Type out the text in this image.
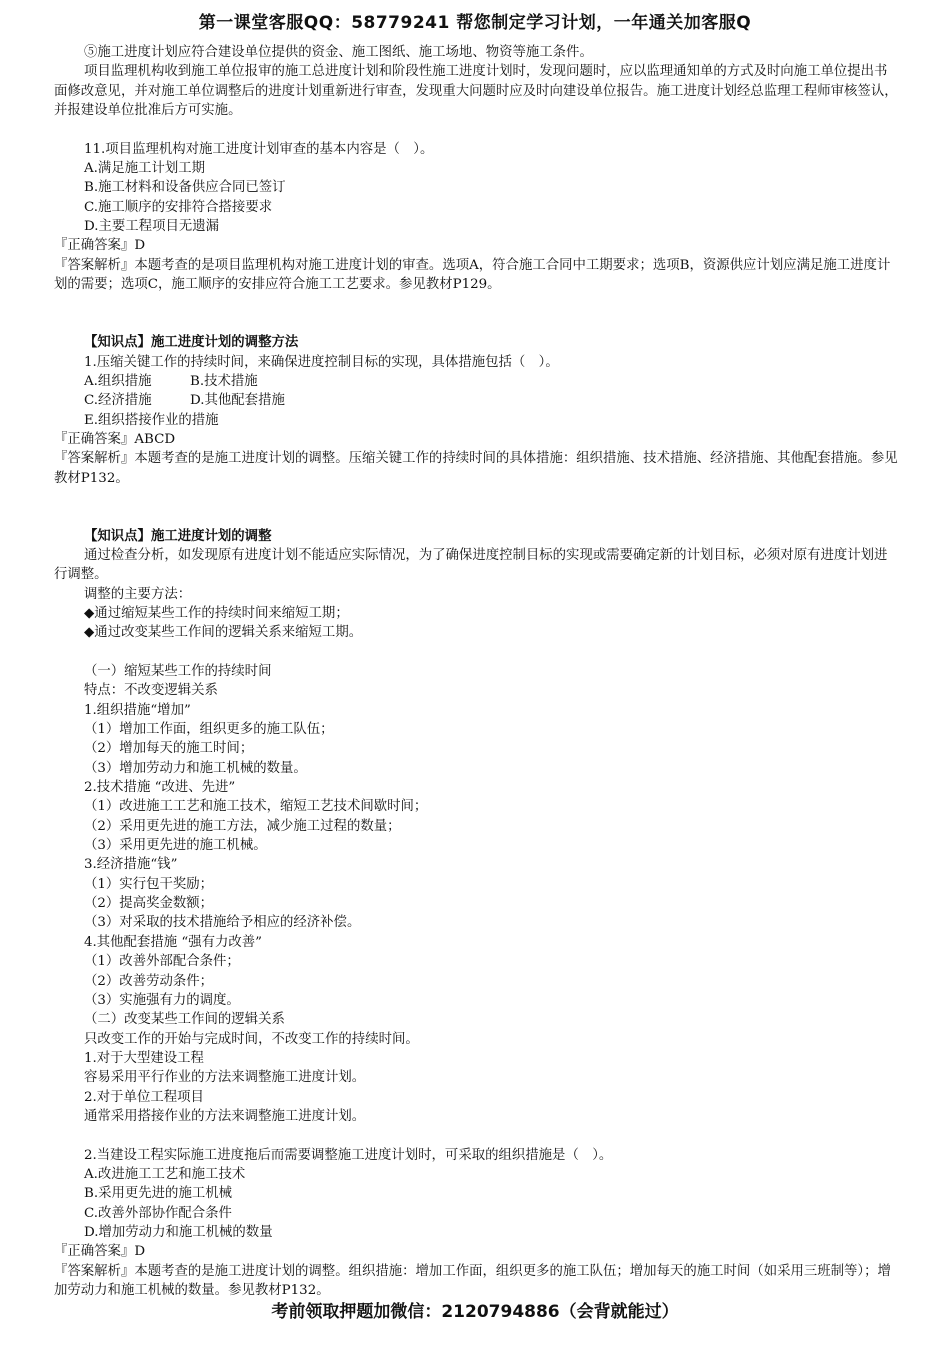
第一课堂客服QQ：58779241 帮您制定学习计划，一年通关加客服Q

⑤施工进度计划应符合建设单位提供的资金、施工图纸、施工场地、物资等施工条件。

项目监理机构收到施工单位报审的施工总进度计划和阶段性施工进度计划时，发现问题时，应以监理通知单的方式及时向施工单位提出书面修改意见，并对施工单位调整后的进度计划重新进行审查，发现重大问题时应及时向建设单位报告。施工进度计划经总监理工程师审核签认，并报建设单位批准后方可实施。

11.项目监理机构对施工进度计划审查的基本内容是（　）。

A.满足施工计划工期

B.施工材料和设备供应合同已签订

C.施工顺序的安排符合搭接要求

D.主要工程项目无遗漏

『正确答案』D

『答案解析』本题考查的是项目监理机构对施工进度计划的审查。选项A，符合施工合同中工期要求；选项B，资源供应计划应满足施工进度计划的需要；选项C，施工顺序的安排应符合施工工艺要求。参见教材P129。

【知识点】施工进度计划的调整方法

1.压缩关键工作的持续时间，来确保进度控制目标的实现，具体措施包括（　）。

A.组织措施	B.技术措施

C.经济措施	D.其他配套措施

E.组织搭接作业的措施

『正确答案』ABCD

『答案解析』本题考查的是施工进度计划的调整。压缩关键工作的持续时间的具体措施：组织措施、技术措施、经济措施、其他配套措施。参见教材P132。

【知识点】施工进度计划的调整

通过检查分析，如发现原有进度计划不能适应实际情况，为了确保进度控制目标的实现或需要确定新的计划目标，必须对原有进度计划进行调整。

调整的主要方法：

◆通过缩短某些工作的持续时间来缩短工期；

◆通过改变某些工作间的逻辑关系来缩短工期。

（一）缩短某些工作的持续时间

特点：不改变逻辑关系

1.组织措施“增加”

（1）增加工作面，组织更多的施工队伍；

（2）增加每天的施工时间；

（3）增加劳动力和施工机械的数量。

2.技术措施 “改进、先进”

（1）改进施工工艺和施工技术，缩短工艺技术间歇时间；

（2）采用更先进的施工方法，减少施工过程的数量；

（3）采用更先进的施工机械。

3.经济措施“钱”

（1）实行包干奖励；

（2）提高奖金数额；

（3）对采取的技术措施给予相应的经济补偿。

4.其他配套措施 “强有力改善”

（1）改善外部配合条件；

（2）改善劳动条件；

（3）实施强有力的调度。

（二）改变某些工作间的逻辑关系

只改变工作的开始与完成时间，不改变工作的持续时间。

1.对于大型建设工程

容易采用平行作业的方法来调整施工进度计划。

2.对于单位工程项目

通常采用搭接作业的方法来调整施工进度计划。

2.当建设工程实际施工进度拖后而需要调整施工进度计划时，可采取的组织措施是（　）。

A.改进施工工艺和施工技术

B.采用更先进的施工机械

C.改善外部协作配合条件

D.增加劳动力和施工机械的数量

『正确答案』D

『答案解析』本题考查的是施工进度计划的调整。组织措施：增加工作面，组织更多的施工队伍；增加每天的施工时间（如采用三班制等）；增加劳动力和施工机械的数量。参见教材P132。

考前领取押题加微信：2120794886（会背就能过）
